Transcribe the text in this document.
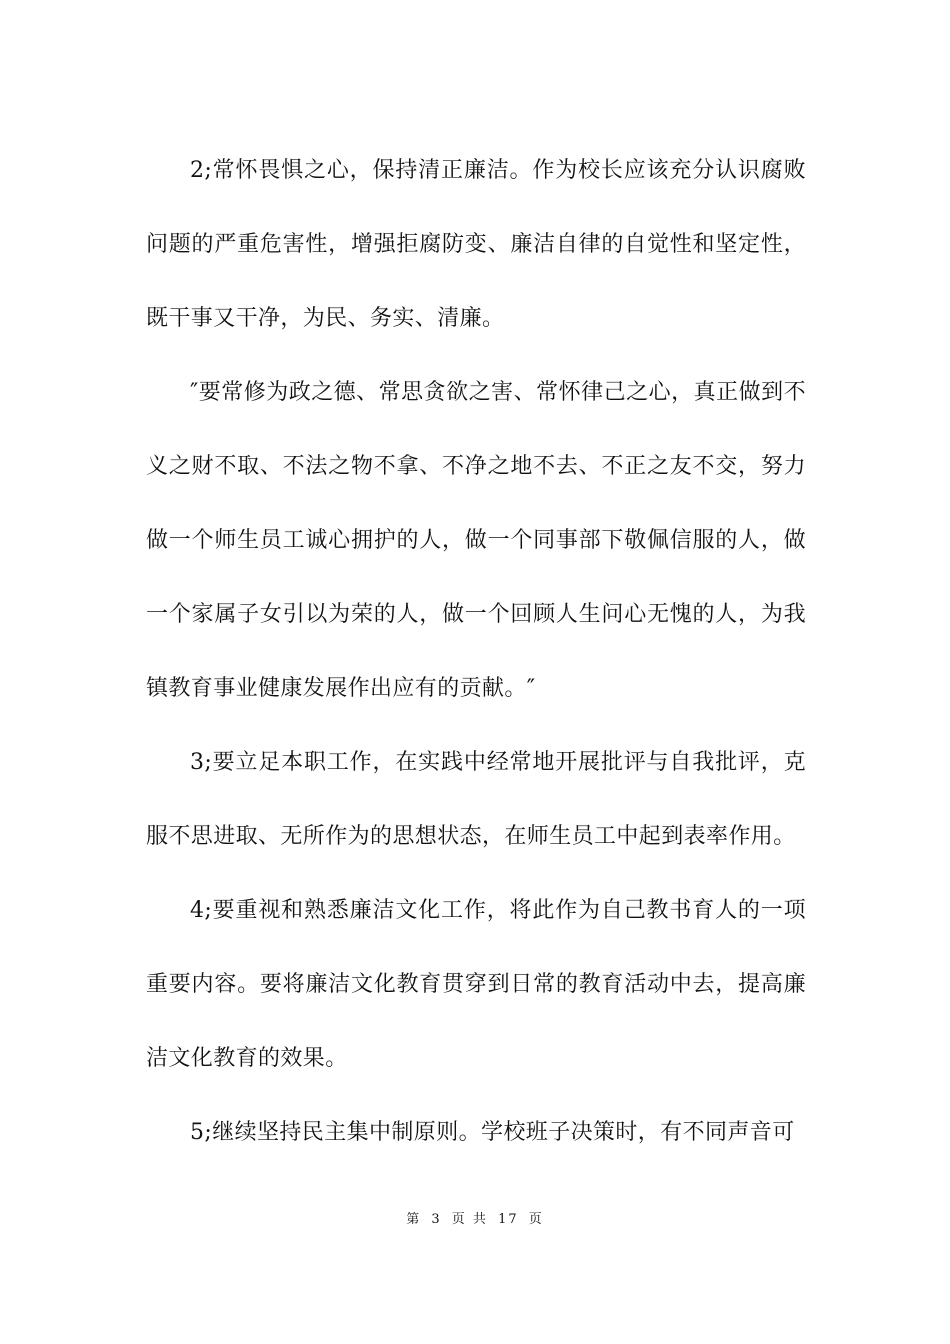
2;常怀畏惧之心，保持清正廉洁。作为校长应该充分认识腐败问题的严重危害性，增强拒腐防变、廉洁自律的自觉性和坚定性，既干事又干净，为民、务实、清廉。

″要常修为政之德、常思贪欲之害、常怀律己之心，真正做到不义之财不取、不法之物不拿、不净之地不去、不正之友不交，努力做一个师生员工诚心拥护的人，做一个同事部下敬佩信服的人，做一个家属子女引以为荣的人，做一个回顾人生问心无愧的人，为我镇教育事业健康发展作出应有的贡献。″

3;要立足本职工作，在实践中经常地开展批评与自我批评，克服不思进取、无所作为的思想状态，在师生员工中起到表率作用。

4;要重视和熟悉廉洁文化工作，将此作为自己教书育人的一项重要内容。要将廉洁文化教育贯穿到日常的教育活动中去，提高廉洁文化教育的效果。

5;继续坚持民主集中制原则。学校班子决策时，有不同声音可

第 3 页 共 17 页
